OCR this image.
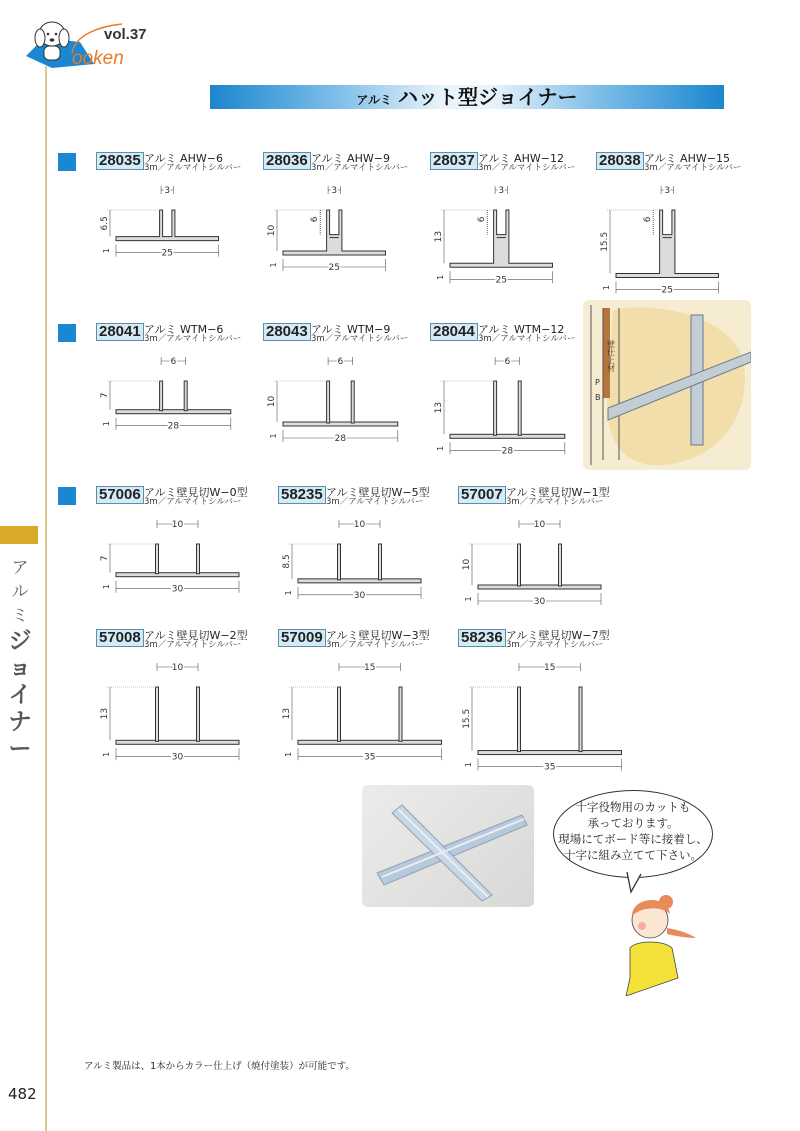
ooken
vol.37
アルミ ハット型ジョイナー
28035 アルミ AHW−6
3m／アルマイトシルバー
3
6.5
1	25
28036 アルミ AHW−9
3m／アルマイトシルバー
6
3
10
1	25
28037 アルミ AHW−12
3m／アルマイトシルバー
6
3
13
1	25
28038 アルミ AHW−15
3m／アルマイトシルバー
6
3
15.5
1	25
28041 アルミ WTM−6
3m／アルマイトシルバー
6
7
1	28
28043 アルミ WTM−9
3m／アルマイトシルバー
6
10
1	28
28044 アルミ WTM−12
3m／アルマイトシルバー
6
13
1	28
57006 アルミ壁見切W−0型
3m／アルマイトシルバー
10
7
1	30
58235 アルミ壁見切W−5型
3m／アルマイトシルバー
10
8.5
1	30
57007 アルミ壁見切W−1型
3m／アルマイトシルバー
10
10
1	30
57008 アルミ壁見切W−2型
3m／アルマイトシルバー
10
13
1	30
57009 アルミ壁見切W−3型
3m／アルマイトシルバー
15
13
1	35
58236 アルミ壁見切W−7型
3m／アルマイトシルバー
15
15.5
1	35
ア
ル
ミ
ジ
ョ
イ
ナ
ー
壁仕上材
P
B
十字役物用のカットも
承っております。
現場にてボード等に接着し、
十字に組み立てて下さい。
アルミ製品は、1本からカラー仕上げ（焼付塗装）が可能です。
482
